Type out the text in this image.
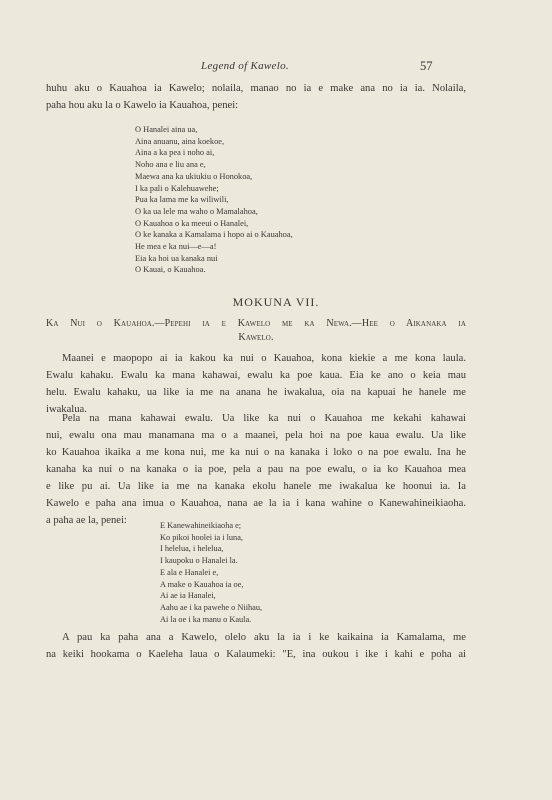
Legend of Kawelo.	57
huhu aku o Kauahoa ia Kawelo; nolaila, manao no ia e make ana no ia ia. Nolaila,
paha hou aku la o Kawelo ia Kauahoa, penei:
O Hanalei aina ua,
Aina anuanu, aina koekoe,
Aina a ka pea i noho ai,
Noho ana e liu ana e,
Maewa ana ka ukiukiu o Honokoa,
I ka pali o Kalehuawehe;
Pua ka lama me ka wiliwili,
O ka ua lele ma waho o Mamalahoa,
O Kauahoa o ka meeui o Hanalei,
O ke kanaka a Kamalama i hopo ai o Kauahoa,
He mea e ka nui—e—a!
Eia ka hoi ua kanaka nui
O Kauai, o Kauahoa.
MOKUNA VII.
Ka Nui o Kauahoa.—Pepehi ia e Kawelo me ka Newa.—Hee o Aikanaka ia
Kawelo.
Maanei e maopopo ai ia kakou ka nui o Kauahoa, kona kiekie a me kona laula.
Ewalu kahaku. Ewalu ka mana kahawai, ewalu ka poe kaua. Eia ke ano o keia mau
helu. Ewalu kahaku, ua like ia me na anana he iwakalua, oia na kapuai he hanele me
iwakalua.
Pela na mana kahawai ewalu. Ua like ka nui o Kauahoa me kekahi kahawai
nui, ewalu ona mau manamana ma o a maanei, pela hoi na poe kaua ewalu. Ua like
ko Kauahoa ikaika a me kona nui, me ka nui o na kanaka i loko o na poe ewalu. Ina he
kanaha ka nui o na kanaka o ia poe, pela a pau na poe ewalu, o ia ko Kauahoa mea
e like pu ai. Ua like ia me na kanaka ekolu hanele me iwakalua ke hoonui ia. Ia
Kawelo e paha ana imua o Kauahoa, nana ae la ia i kana wahine o Kanewahineikiaoha.
a paha ae la, penei:	E Kanewahineikiaoha e;
Ko pikoi hoolei ia i luna,
I helelua, i helelua,
I kaupoku o Hanalei la.
E ala e Hanalei e,
A make o Kauahoa ia oe,
Ai ae ia Hanalei,
Aahu ae i ka pawehe o Niihau,
Ai la oe i ka manu o Kaula.
A pau ka paha ana a Kawelo, olelo aku la ia i ke kaikaina ia Kamalama, me
na keiki hookama o Kaeleha laua o Kalaumeki: "E, ina oukou i ike i kahi e poha ai
